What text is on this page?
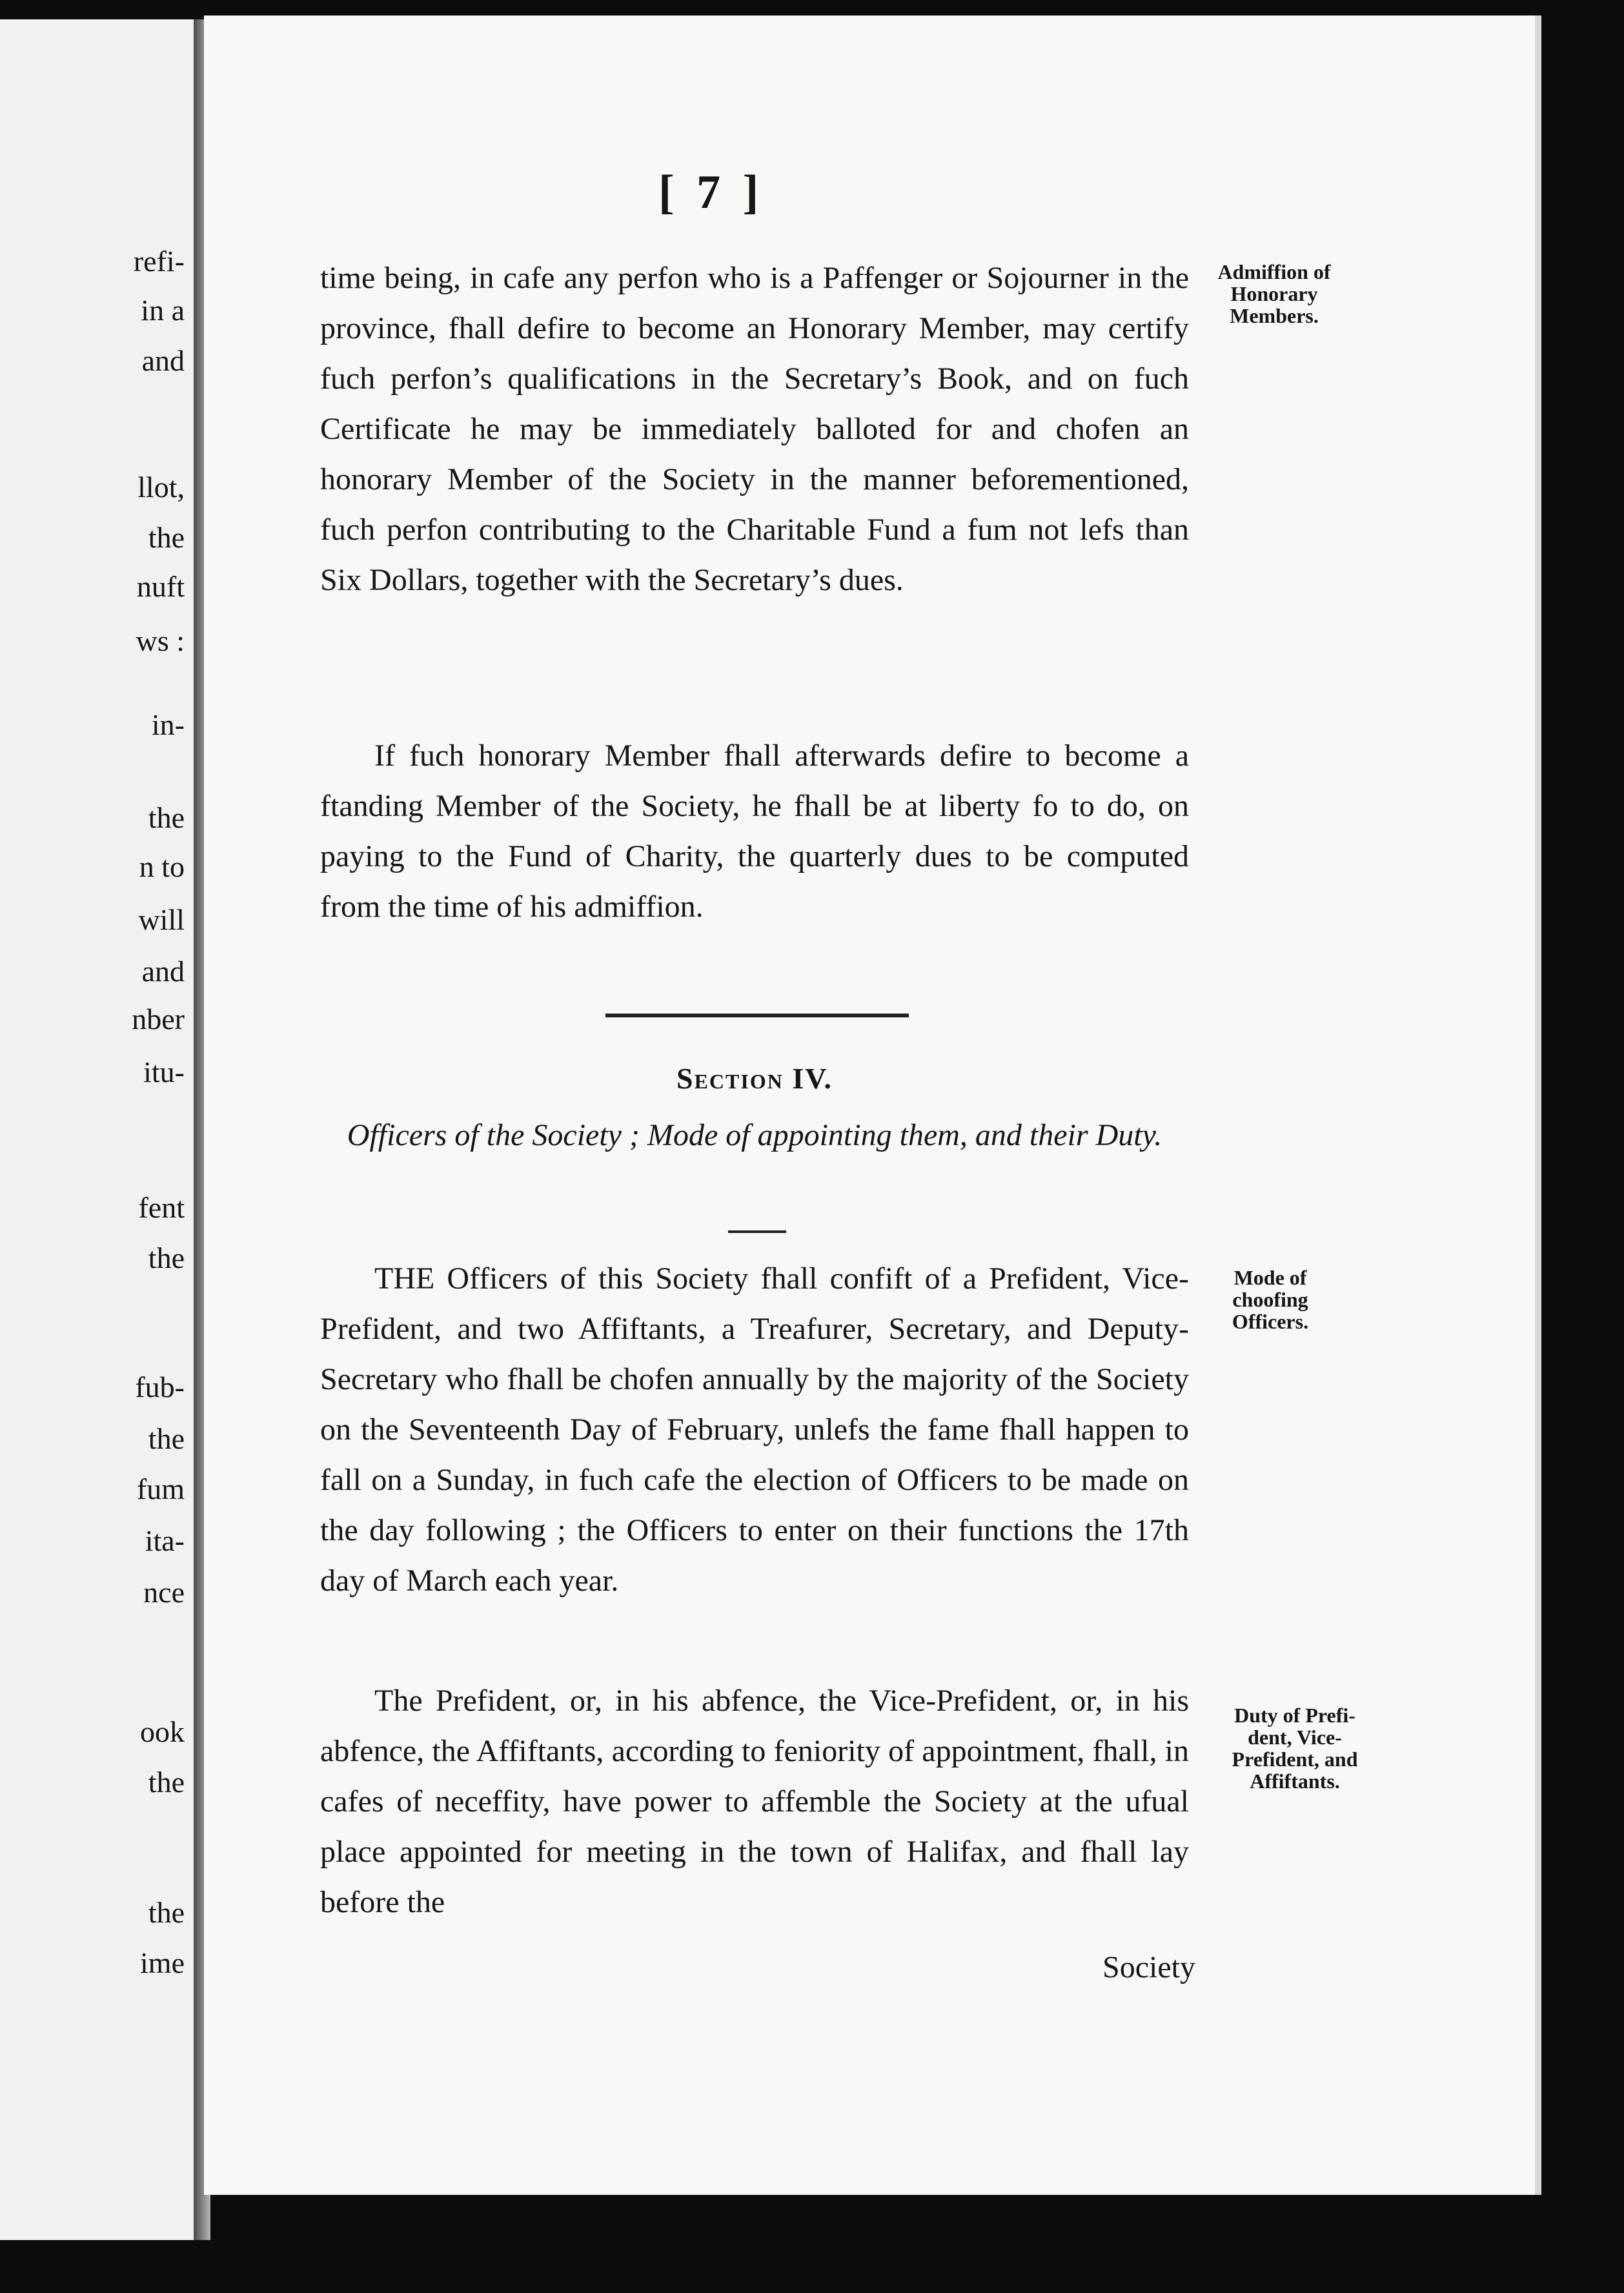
refi-
in a
and
llot,
the
nuft
ws :
in-
the
n to
will
and
nber
itu-
fent
the
fub-
the
fum
ita-
nce
ook
the
the
ime
[ 7 ]
time being, in cafe any perfon who is a Paffenger or Sojourner in the province, fhall defire to become an Honorary Member, may certify fuch perfon’s qualifications in the Secretary’s Book, and on fuch Certificate he may be immediately balloted for and chofen an honorary Member of the Society in the manner beforementioned, fuch perfon contributing to the Charitable Fund a fum not lefs than Six Dollars, together with the Secretary’s dues.
Admiffion of
Honorary
Members.
If fuch honorary Member fhall afterwards defire to become a ftanding Member of the Society, he fhall be at liberty fo to do, on paying to the Fund of Charity, the quarterly dues to be computed from the time of his admiffion.
Section IV.
Officers of the Society ; Mode of appointing them, and their Duty.
THE Officers of this Society fhall confift of a Prefident, Vice-Prefident, and two Affiftants, a Treafurer, Secretary, and Deputy-Secretary who fhall be chofen annually by the majority of the Society on the Seventeenth Day of February, unlefs the fame fhall happen to fall on a Sunday, in fuch cafe the election of Officers to be made on the day following ; the Officers to enter on their functions the 17th day of March each year.
Mode of
choofing
Officers.
The Prefident, or, in his abfence, the Vice-Prefident, or, in his abfence, the Affiftants, according to feniority of appointment, fhall, in cafes of neceffity, have power to affemble the Society at the ufual place appointed for meeting in the town of Halifax, and fhall lay before the
Duty of Prefi-
dent, Vice-
Prefident, and
Affiftants.
Society
